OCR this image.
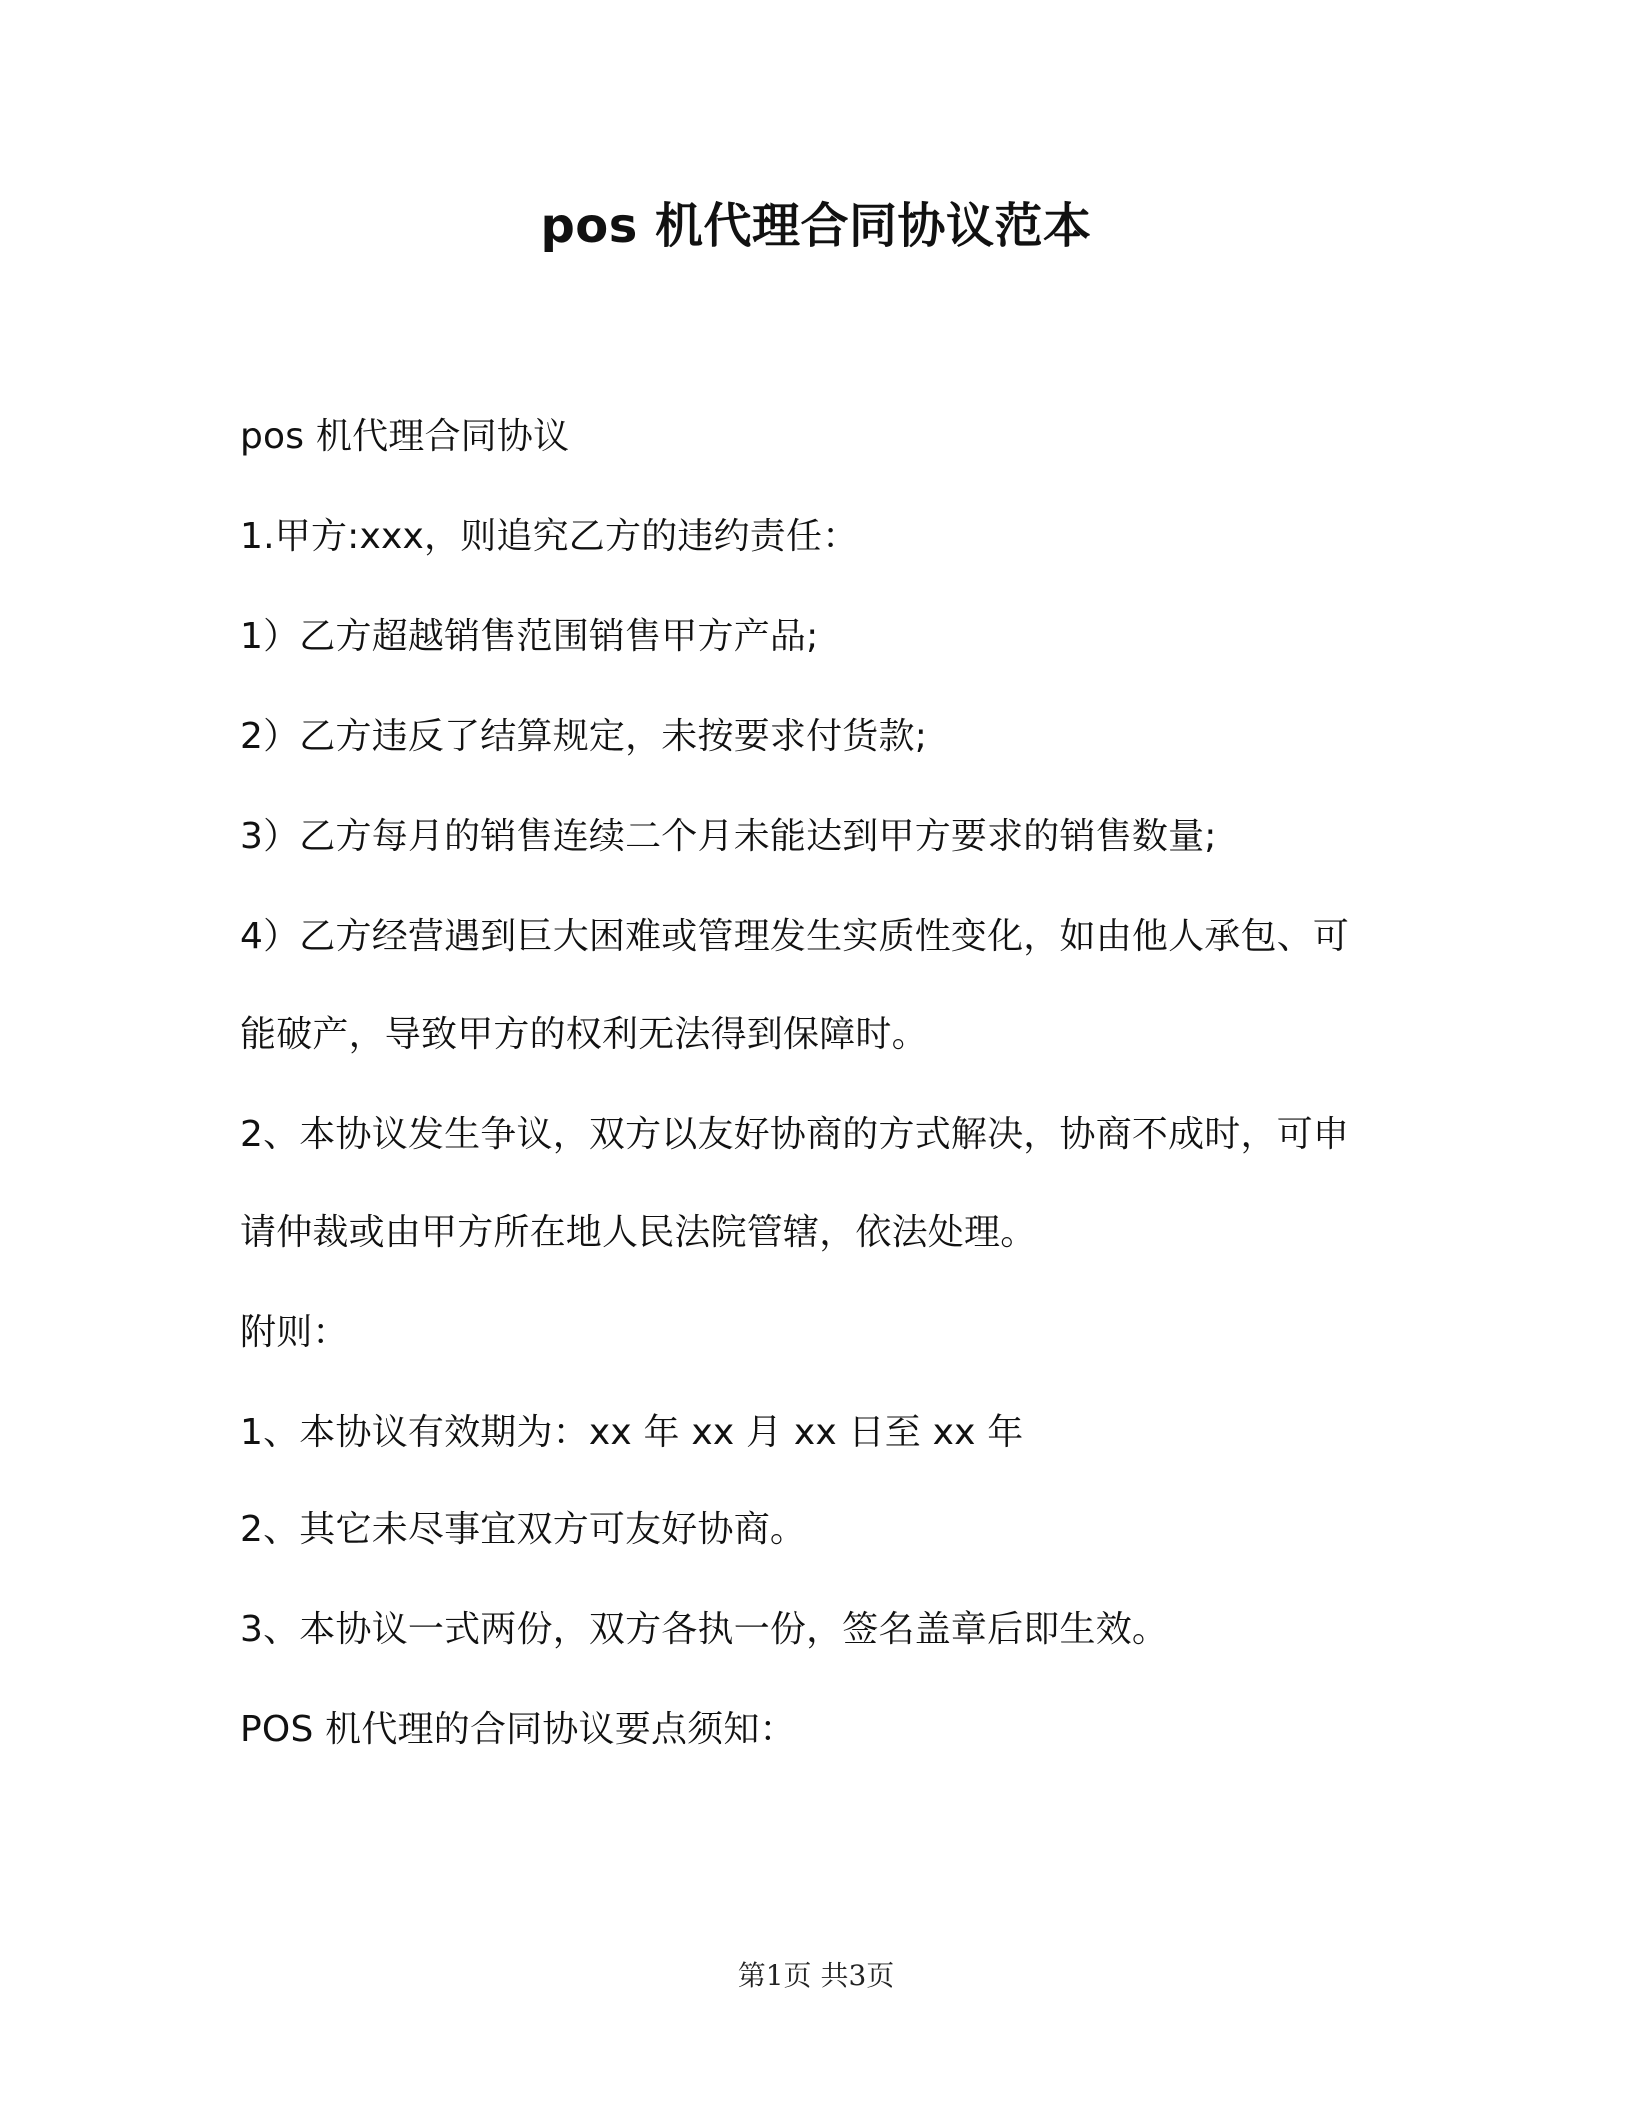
pos 机代理合同协议范本

pos 机代理合同协议

1.甲方:xxx，则追究乙方的违约责任：

1）乙方超越销售范围销售甲方产品;

2）乙方违反了结算规定，未按要求付货款;

3）乙方每月的销售连续二个月未能达到甲方要求的销售数量;

4）乙方经营遇到巨大困难或管理发生实质性变化，如由他人承包、可能破产，导致甲方的权利无法得到保障时。

2、本协议发生争议，双方以友好协商的方式解决，协商不成时，可申请仲裁或由甲方所在地人民法院管辖，依法处理。

附则：

1、本协议有效期为：xx 年 xx 月 xx 日至 xx 年

2、其它未尽事宜双方可友好协商。

3、本协议一式两份，双方各执一份，签名盖章后即生效。

POS 机代理的合同协议要点须知：

第1页 共3页
